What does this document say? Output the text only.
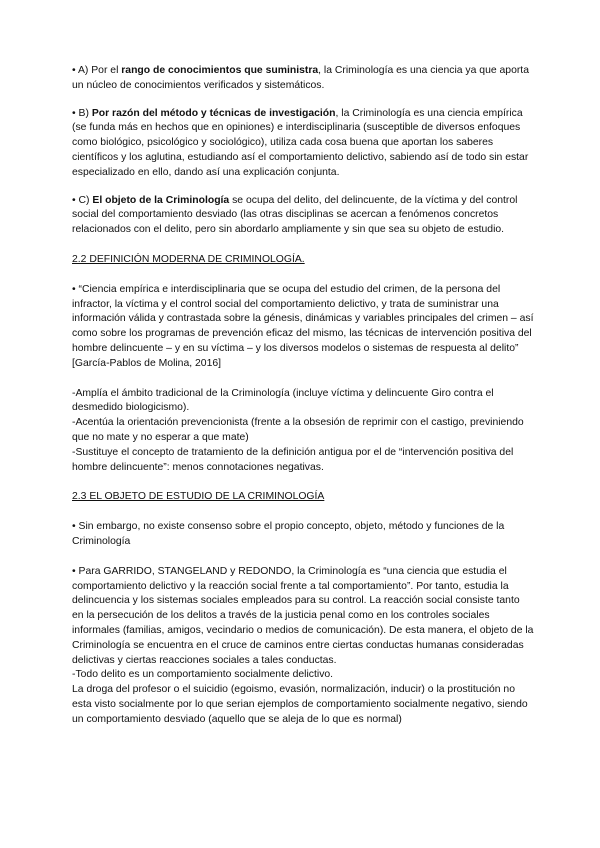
• A) Por el rango de conocimientos que suministra, la Criminología es una ciencia ya que aporta un núcleo de conocimientos verificados y sistemáticos.

• B) Por razón del método y técnicas de investigación, la Criminología es una ciencia empírica (se funda más en hechos que en opiniones) e interdisciplinaria (susceptible de diversos enfoques como biológico, psicológico y sociológico), utiliza cada cosa buena que aportan los saberes científicos y los aglutina, estudiando así el comportamiento delictivo, sabiendo así de todo sin estar especializado en ello, dando así una explicación conjunta.

• C) El objeto de la Criminología se ocupa del delito, del delincuente, de la víctima y del control social del comportamiento desviado (las otras disciplinas se acercan a fenómenos concretos relacionados con el delito, pero sin abordarlo ampliamente y sin que sea su objeto de estudio.

2.2 DEFINICIÓN MODERNA DE CRIMINOLOGÍA.

• “Ciencia empírica e interdisciplinaria que se ocupa del estudio del crimen, de la persona del infractor, la víctima y el control social del comportamiento delictivo, y trata de suministrar una información válida y contrastada sobre la génesis, dinámicas y variables principales del crimen – así como sobre los programas de prevención eficaz del mismo, las técnicas de intervención positiva del hombre delincuente – y en su víctima – y los diversos modelos o sistemas de respuesta al delito” [García-Pablos de Molina, 2016]

-Amplía el ámbito tradicional de la Criminología (incluye víctima y delincuente Giro contra el desmedido biologicismo).

-Acentúa la orientación prevencionista (frente a la obsesión de reprimir con el castigo, previniendo que no mate y no esperar a que mate)

-Sustituye el concepto de tratamiento de la definición antigua por el de “intervención positiva del hombre delincuente”: menos connotaciones negativas.

2.3 EL OBJETO DE ESTUDIO DE LA CRIMINOLOGÍA

• Sin embargo, no existe consenso sobre el propio concepto, objeto, método y funciones de la Criminología

• Para GARRIDO, STANGELAND y REDONDO, la Criminología es “una ciencia que estudia el comportamiento delictivo y la reacción social frente a tal comportamiento”. Por tanto, estudia la delincuencia y los sistemas sociales empleados para su control. La reacción social consiste tanto en la persecución de los delitos a través de la justicia penal como en los controles sociales informales (familias, amigos, vecindario o medios de comunicación). De esta manera, el objeto de la Criminología se encuentra en el cruce de caminos entre ciertas conductas humanas consideradas delictivas y ciertas reacciones sociales a tales conductas.

-Todo delito es un comportamiento socialmente delictivo.

La droga del profesor o el suicidio (egoismo, evasión, normalización, inducir) o la prostitución no esta visto socialmente por lo que serian ejemplos de comportamiento socialmente negativo, siendo un comportamiento desviado (aquello que se aleja de lo que es normal)
